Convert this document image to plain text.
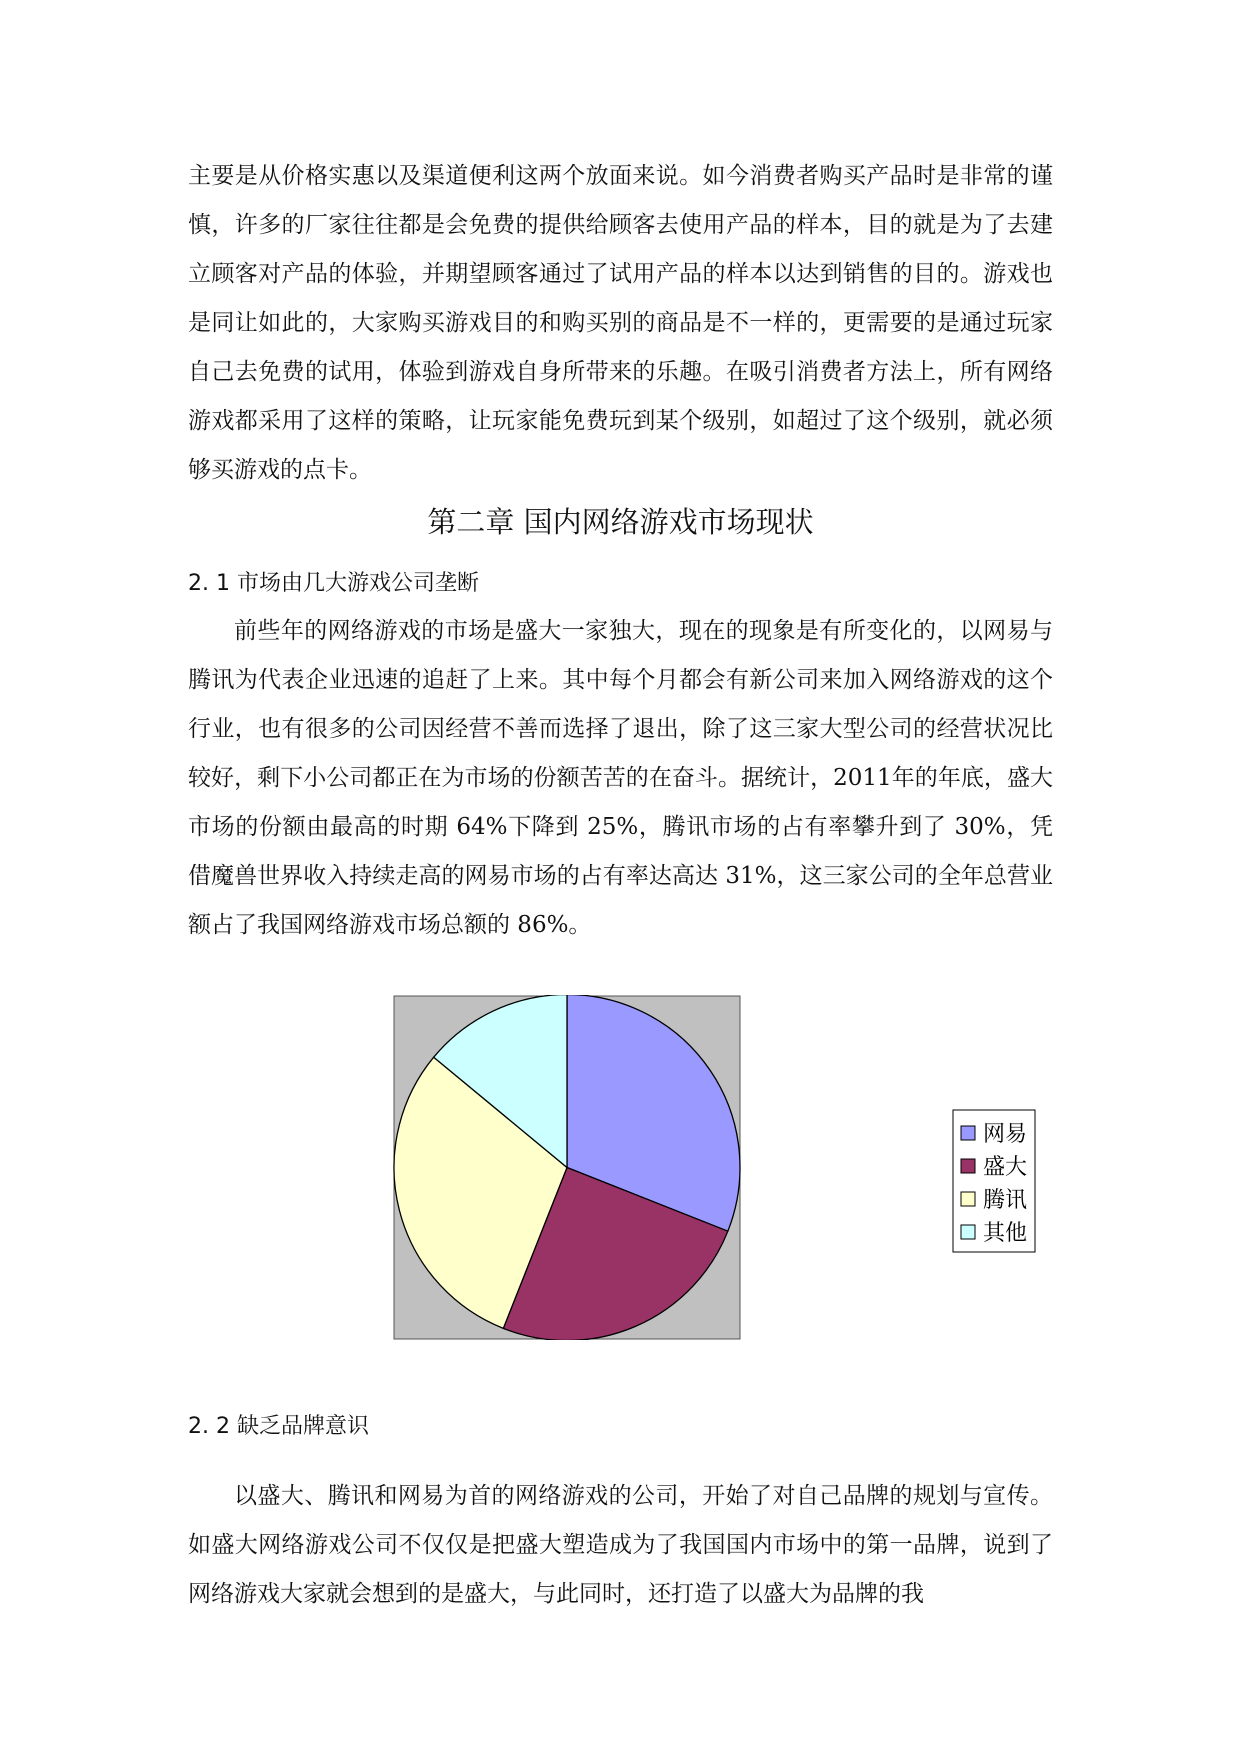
主要是从价格实惠以及渠道便利这两个放面来说。如今消费者购买产品时是非常的谨慎，许多的厂家往往都是会免费的提供给顾客去使用产品的样本，目的就是为了去建立顾客对产品的体验，并期望顾客通过了试用产品的样本以达到销售的目的。游戏也是同让如此的，大家购买游戏目的和购买别的商品是不一样的，更需要的是通过玩家自己去免费的试用，体验到游戏自身所带来的乐趣。在吸引消费者方法上，所有网络游戏都采用了这样的策略，让玩家能免费玩到某个级别，如超过了这个级别，就必须够买游戏的点卡。

第二章 国内网络游戏市场现状
2. 1 市场由几大游戏公司垄断

前些年的网络游戏的市场是盛大一家独大，现在的现象是有所变化的，以网易与腾讯为代表企业迅速的追赶了上来。其中每个月都会有新公司来加入网络游戏的这个行业，也有很多的公司因经营不善而选择了退出，除了这三家大型公司的经营状况比较好，剩下小公司都正在为市场的份额苦苦的在奋斗。据统计，2011年的年底，盛大市场的份额由最高的时期 64%下降到 25%，腾讯市场的占有率攀升到了 30%，凭借魔兽世界收入持续走高的网易市场的占有率达高达 31%，这三家公司的全年总营业额占了我国网络游戏市场总额的 86%。

网易
盛大
腾讯
其他
2. 2 缺乏品牌意识

以盛大、腾讯和网易为首的网络游戏的公司，开始了对自己品牌的规划与宣传。如盛大网络游戏公司不仅仅是把盛大塑造成为了我国国内市场中的第一品牌，说到了网络游戏大家就会想到的是盛大，与此同时，还打造了以盛大为品牌的我
